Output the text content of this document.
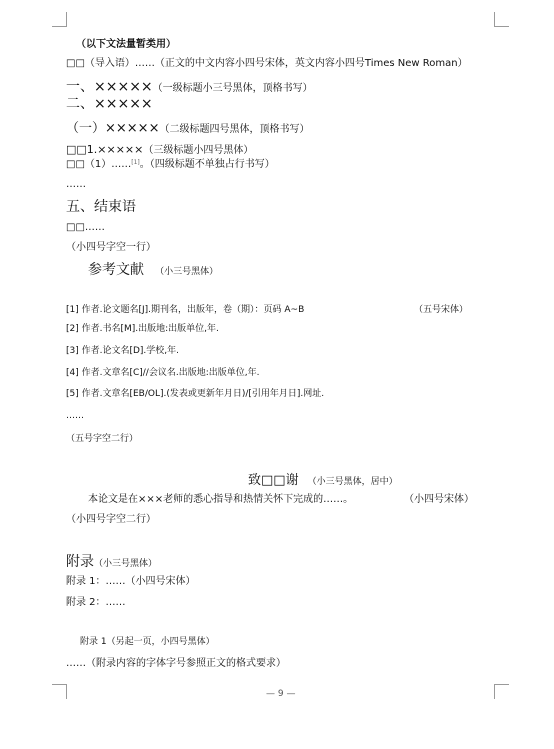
（以下文法量暂类用）
□□（导入语）……（正文的中文内容小四号宋体，英文内容小四号Times New Roman）
一、×××××（一级标题小三号黑体，顶格书写）
二、×××××
（一）×××××（二级标题四号黑体，顶格书写）
□□1.×××××（三级标题小四号黑体）
□□（1）……[1]。（四级标题不单独占行书写）
……
五、结束语
□□……
（小四号字空一行）
参考文献 （小三号黑体）
[1] 作者.论文题名[J].期刊名，出版年，卷（期）：页码 A~B	（五号宋体）
[2] 作者.书名[M].出版地:出版单位,年.
[3] 作者.论文名[D].学校,年.
[4] 作者.文章名[C]//会议名.出版地:出版单位,年.
[5] 作者.文章名[EB/OL].(发表或更新年月日)/[引用年月日].网址.
……
（五号字空二行）
致□□谢 （小三号黑体，居中）
本论文是在×××老师的悉心指导和热情关怀下完成的……。	（小四号宋体）
（小四号字空二行）
附录（小三号黑体）
附录 1：……（小四号宋体）
附录 2：……
附录 1（另起一页，小四号黑体）
……（附录内容的字体字号参照正文的格式要求）
— 9 —
